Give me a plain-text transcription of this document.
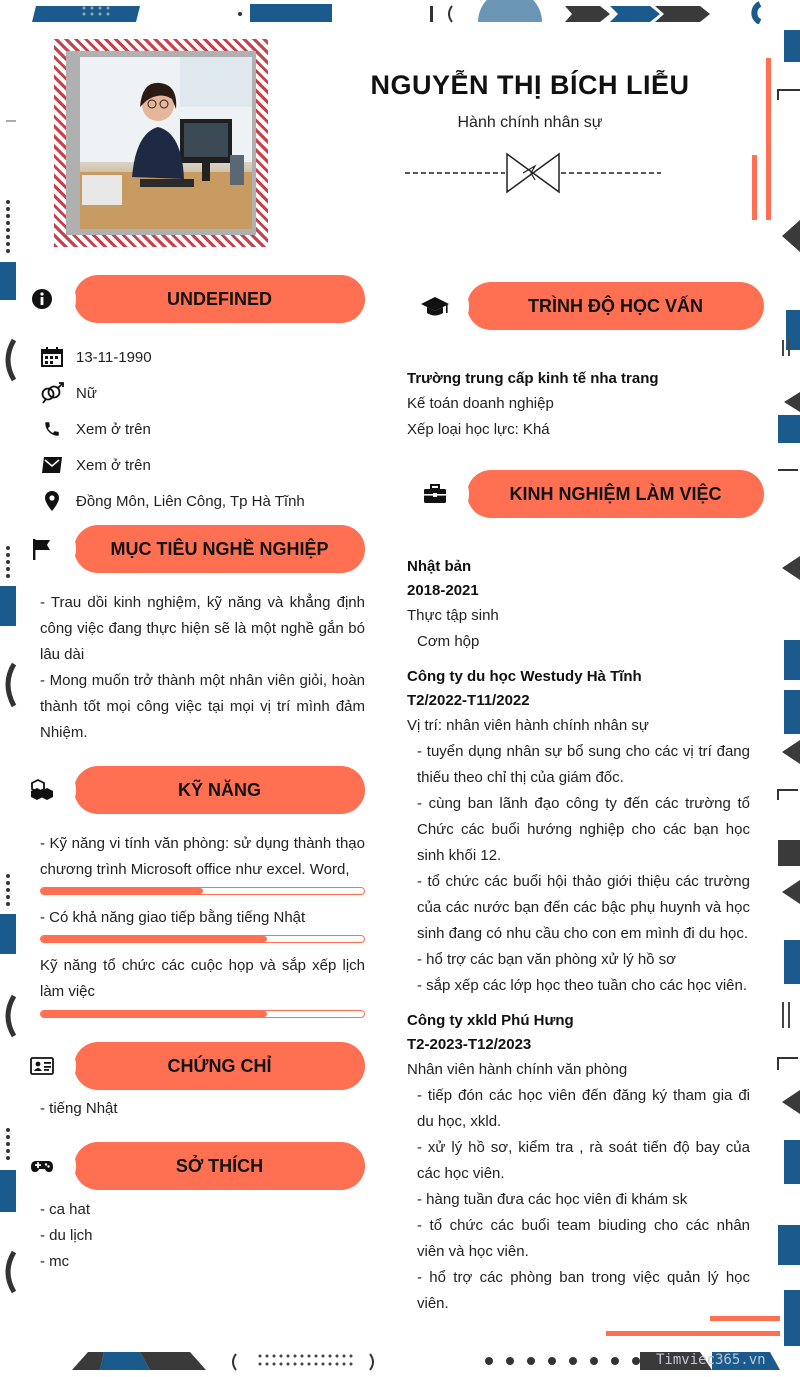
Timviec365.vn
NGUYỄN THỊ BÍCH LIỄU
Hành chính nhân sự
UNDEFINED
13-11-1990
Nữ
Xem ở trên
Xem ở trên
Đồng Môn, Liên Công, Tp Hà Tĩnh
MỤC TIÊU NGHỀ NGHIỆP
- Trau dồi kinh nghiệm, kỹ năng và khẳng định công việc đang thực hiện sẽ là một nghề gắn bó lâu dài
- Mong muốn trở thành một nhân viên giỏi, hoàn thành tốt mọi công việc tại mọi vị trí mình đảm Nhiệm.
KỸ NĂNG
- Kỹ năng vi tính văn phòng: sử dụng thành thạo chương trình Microsoft office như excel. Word,
- Có khả năng giao tiếp bằng tiếng Nhật
Kỹ năng tổ chức các cuộc họp và sắp xếp lịch làm việc
CHỨNG CHỈ
- tiếng Nhật
SỞ THÍCH
- ca hat
- du lịch
- mc
TRÌNH ĐỘ HỌC VẤN
Trường trung cấp kinh tế nha trang
Kế toán doanh nghiệp
Xếp loại học lực: Khá
KINH NGHIỆM LÀM VIỆC
Nhật bản
2018-2021
Thực tập sinh
Cơm hộp
Công ty du học Westudy Hà Tĩnh
T2/2022-T11/2022
Vị trí: nhân viên hành chính nhân sự
- tuyển dụng nhân sự bổ sung cho các vị trí đang thiếu theo chỉ thị của giám đốc.
- cùng ban lãnh đạo công ty đến các trường tổ Chức các buổi hướng nghiệp cho các bạn học sinh khối 12.
- tổ chức các buổi hội thảo giới thiệu các trường của các nước bạn đến các bậc phụ huynh và học sinh đang có nhu cầu cho con em mình đi du học.
- hổ trợ các bạn văn phòng xử lý hồ sơ
- sắp xếp các lớp học theo tuần cho các học viên.
Công ty xkld Phú Hưng
T2-2023-T12/2023
Nhân viên hành chính văn phòng
- tiếp đón các học viên đến đăng ký tham gia đi du học, xkld.
- xử lý hồ sơ, kiểm tra , rà soát tiến độ bay của các học viên.
- hàng tuần đưa các học viên đi khám sk
- tổ chức các buổi team biuding cho các nhân viên và học viên.
- hổ trợ các phòng ban trong việc quản lý học viên.
